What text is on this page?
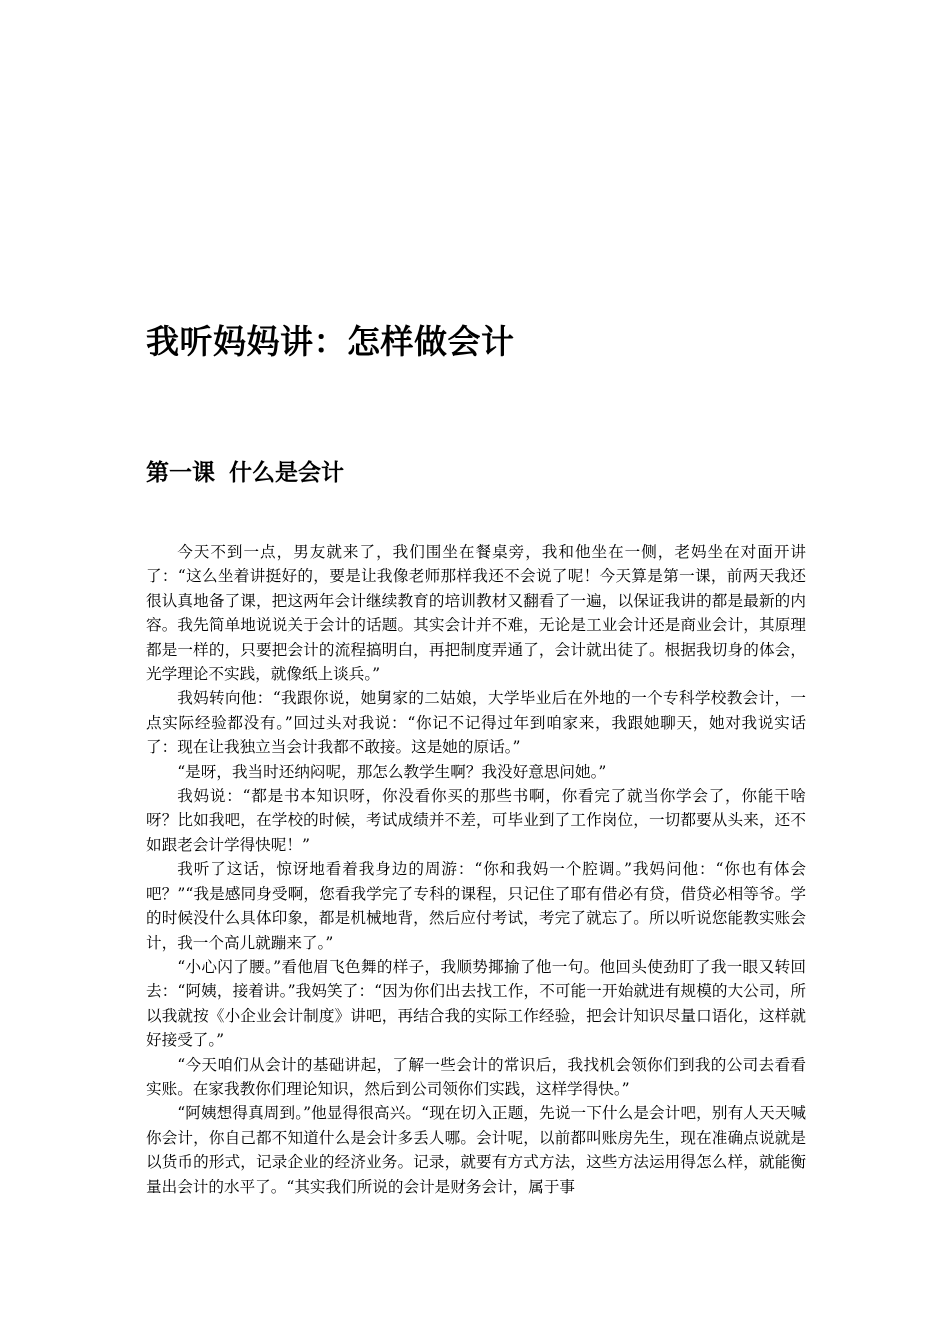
我听妈妈讲：怎样做会计
第一课 什么是会计

今天不到一点，男友就来了，我们围坐在餐桌旁，我和他坐在一侧，老妈坐在对面开讲了：“这么坐着讲挺好的，要是让我像老师那样我还不会说了呢！今天算是第一课，前两天我还很认真地备了课，把这两年会计继续教育的培训教材又翻看了一遍，以保证我讲的都是最新的内容。我先简单地说说关于会计的话题。其实会计并不难，无论是工业会计还是商业会计，其原理都是一样的，只要把会计的流程搞明白，再把制度弄通了，会计就出徒了。根据我切身的体会，光学理论不实践，就像纸上谈兵。”

我妈转向他：“我跟你说，她舅家的二姑娘，大学毕业后在外地的一个专科学校教会计，一点实际经验都没有。”回过头对我说：“你记不记得过年到咱家来，我跟她聊天，她对我说实话了：现在让我独立当会计我都不敢接。这是她的原话。”

“是呀，我当时还纳闷呢，那怎么教学生啊？我没好意思问她。”

我妈说：“都是书本知识呀，你没看你买的那些书啊，你看完了就当你学会了，你能干啥呀？比如我吧，在学校的时候，考试成绩并不差，可毕业到了工作岗位，一切都要从头来，还不如跟老会计学得快呢！”

我听了这话，惊讶地看着我身边的周游：“你和我妈一个腔调。”我妈问他：“你也有体会吧？”“我是感同身受啊，您看我学完了专科的课程，只记住了耶有借必有贷，借贷必相等爷。学的时候没什么具体印象，都是机械地背，然后应付考试，考完了就忘了。所以听说您能教实账会计，我一个高儿就蹦来了。”

“小心闪了腰。”看他眉飞色舞的样子，我顺势揶揄了他一句。他回头使劲盯了我一眼又转回去：“阿姨，接着讲。”我妈笑了：“因为你们出去找工作，不可能一开始就进有规模的大公司，所以我就按《小企业会计制度》讲吧，再结合我的实际工作经验，把会计知识尽量口语化，这样就好接受了。”

“今天咱们从会计的基础讲起，了解一些会计的常识后，我找机会领你们到我的公司去看看实账。在家我教你们理论知识，然后到公司领你们实践，这样学得快。”

“阿姨想得真周到。”他显得很高兴。“现在切入正题，先说一下什么是会计吧，别有人天天喊你会计，你自己都不知道什么是会计多丢人哪。会计呢，以前都叫账房先生，现在准确点说就是以货币的形式，记录企业的经济业务。记录，就要有方式方法，这些方法运用得怎么样，就能衡量出会计的水平了。“其实我们所说的会计是财务会计，属于事
